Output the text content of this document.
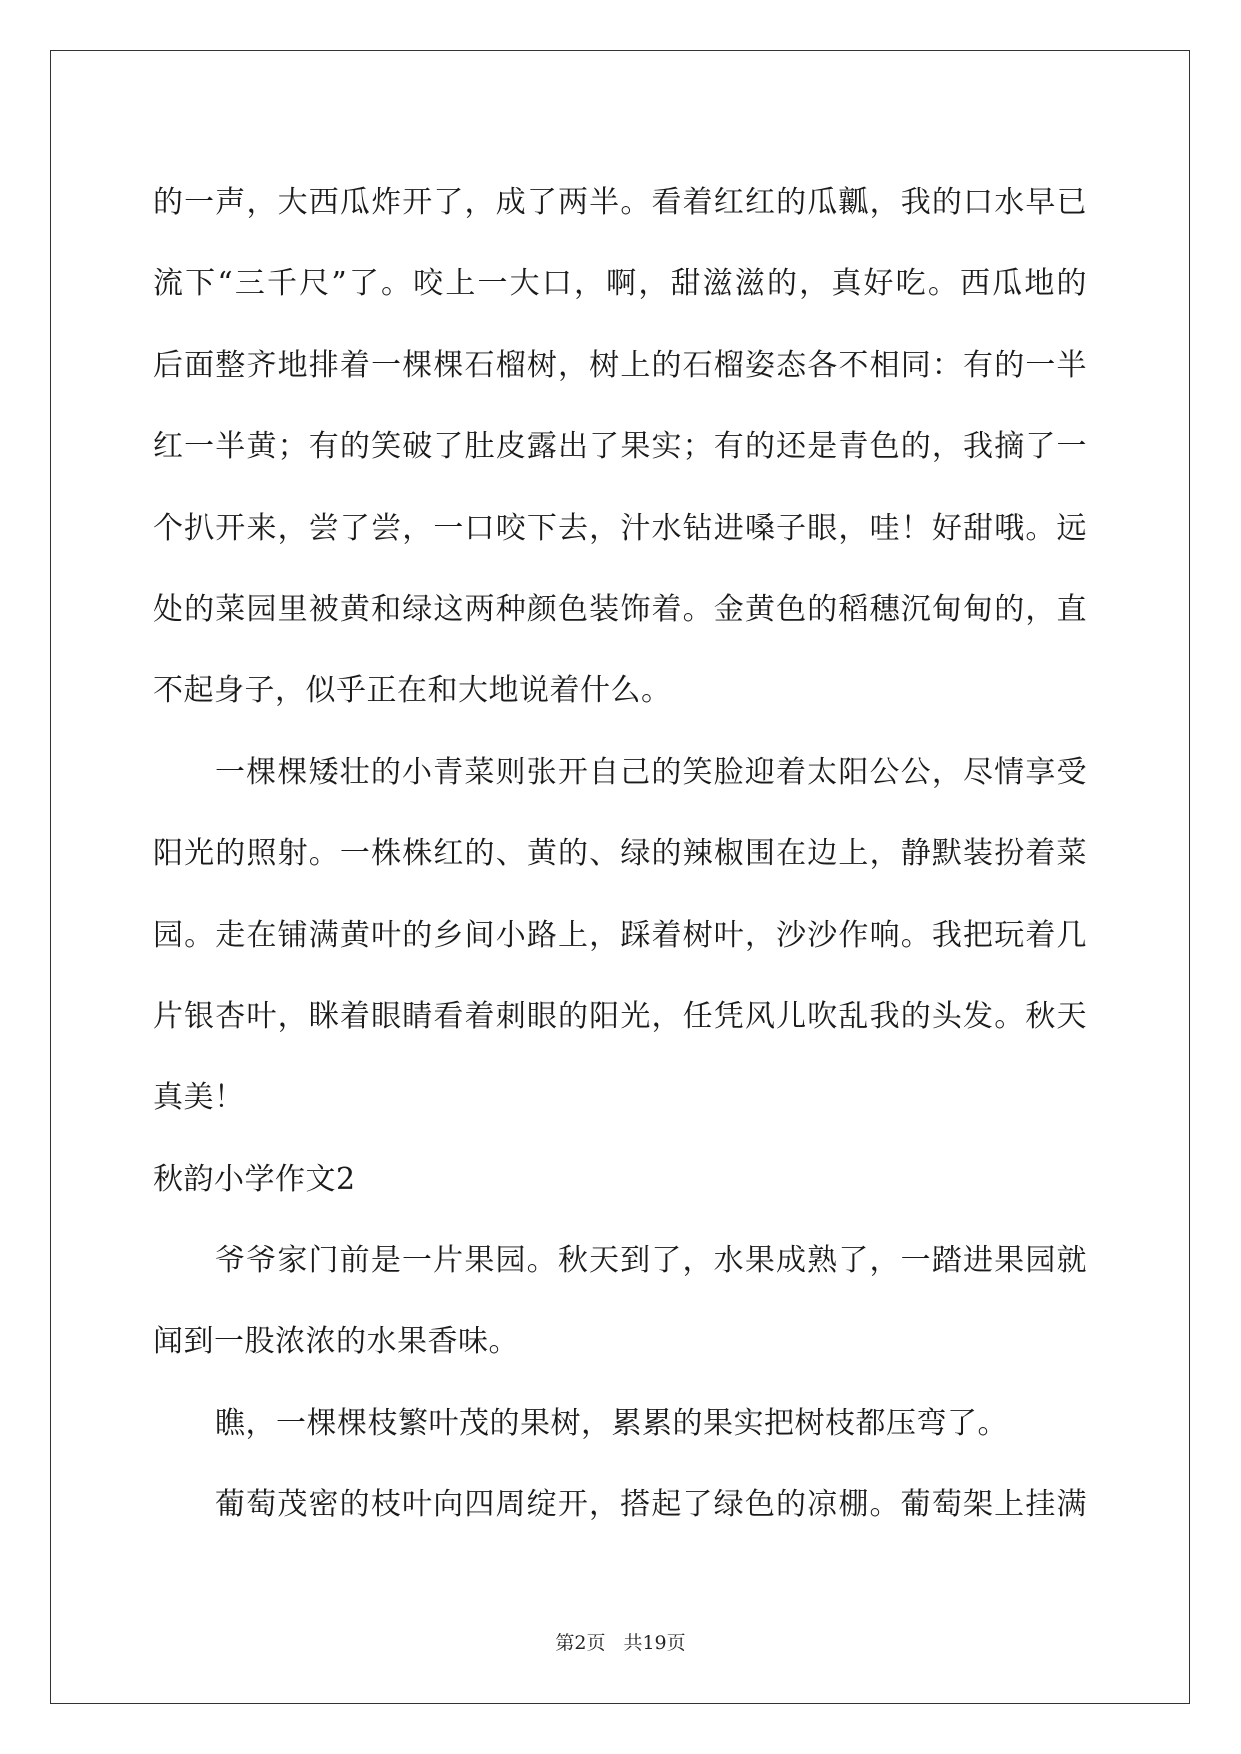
的一声，大西瓜炸开了，成了两半。看着红红的瓜瓤，我的口水早已
流下“三千尺”了。咬上一大口，啊，甜滋滋的，真好吃。西瓜地的
后面整齐地排着一棵棵石榴树，树上的石榴姿态各不相同：有的一半
红一半黄；有的笑破了肚皮露出了果实；有的还是青色的，我摘了一
个扒开来，尝了尝，一口咬下去，汁水钻进嗓子眼，哇！好甜哦。远
处的菜园里被黄和绿这两种颜色装饰着。金黄色的稻穗沉甸甸的，直
不起身子，似乎正在和大地说着什么。
一棵棵矮壮的小青菜则张开自己的笑脸迎着太阳公公，尽情享受
阳光的照射。一株株红的、黄的、绿的辣椒围在边上，静默装扮着菜
园。走在铺满黄叶的乡间小路上，踩着树叶，沙沙作响。我把玩着几
片银杏叶，眯着眼睛看着刺眼的阳光，任凭风儿吹乱我的头发。秋天
真美！
秋韵小学作文2
爷爷家门前是一片果园。秋天到了，水果成熟了，一踏进果园就
闻到一股浓浓的水果香味。
瞧，一棵棵枝繁叶茂的果树，累累的果实把树枝都压弯了。
葡萄茂密的枝叶向四周绽开，搭起了绿色的凉棚。葡萄架上挂满
第2页 共19页
